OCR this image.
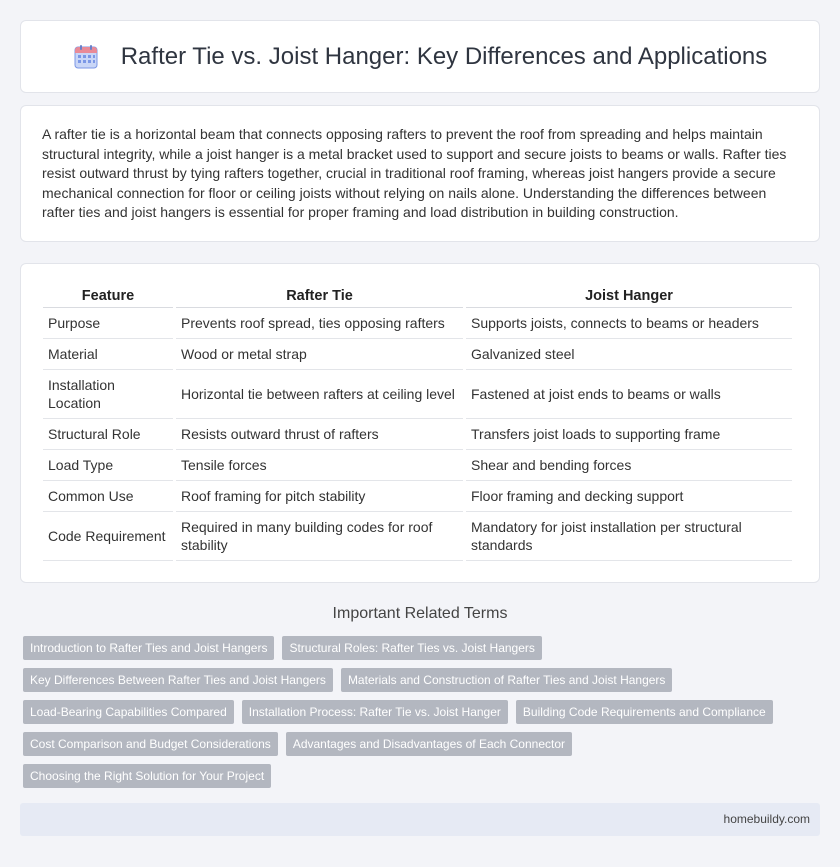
Rafter Tie vs. Joist Hanger: Key Differences and Applications

A rafter tie is a horizontal beam that connects opposing rafters to prevent the roof from spreading and helps maintain structural integrity, while a joist hanger is a metal bracket used to support and secure joists to beams or walls. Rafter ties resist outward thrust by tying rafters together, crucial in traditional roof framing, whereas joist hangers provide a secure mechanical connection for floor or ceiling joists without relying on nails alone. Understanding the differences between rafter ties and joist hangers is essential for proper framing and load distribution in building construction.

Feature	Rafter Tie	Joist Hanger
Purpose	Prevents roof spread, ties opposing rafters	Supports joists, connects to beams or headers
Material	Wood or metal strap	Galvanized steel
Installation Location	Horizontal tie between rafters at ceiling level	Fastened at joist ends to beams or walls
Structural Role	Resists outward thrust of rafters	Transfers joist loads to supporting frame
Load Type	Tensile forces	Shear and bending forces
Common Use	Roof framing for pitch stability	Floor framing and decking support
Code Requirement	Required in many building codes for roof stability	Mandatory for joist installation per structural standards
Important Related Terms
Introduction to Rafter Ties and Joist Hangers	Structural Roles: Rafter Ties vs. Joist Hangers
Key Differences Between Rafter Ties and Joist Hangers	Materials and Construction of Rafter Ties and Joist Hangers
Load-Bearing Capabilities Compared	Installation Process: Rafter Tie vs. Joist Hanger	Building Code Requirements and Compliance
Cost Comparison and Budget Considerations	Advantages and Disadvantages of Each Connector
Choosing the Right Solution for Your Project
homebuildy.com
